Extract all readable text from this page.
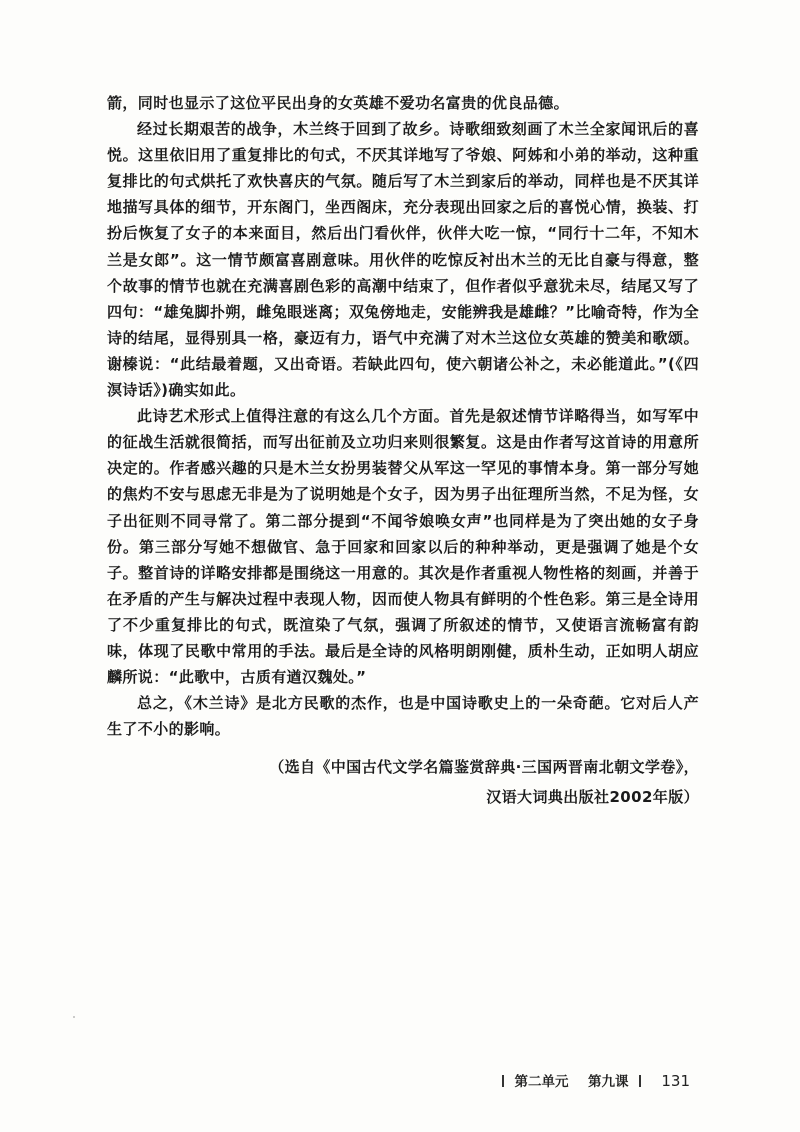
箭，同时也显示了这位平民出身的女英雄不爱功名富贵的优良品德。

经过长期艰苦的战争，木兰终于回到了故乡。诗歌细致刻画了木兰全家闻讯后的喜悦。这里依旧用了重复排比的句式，不厌其详地写了爷娘、阿姊和小弟的举动，这种重复排比的句式烘托了欢快喜庆的气氛。随后写了木兰到家后的举动，同样也是不厌其详地描写具体的细节，开东阁门，坐西阁床，充分表现出回家之后的喜悦心情，换装、打扮后恢复了女子的本来面目，然后出门看伙伴，伙伴大吃一惊，“同行十二年，不知木兰是女郎”。这一情节颇富喜剧意味。用伙伴的吃惊反衬出木兰的无比自豪与得意，整个故事的情节也就在充满喜剧色彩的高潮中结束了，但作者似乎意犹未尽，结尾又写了四句：“雄兔脚扑朔，雌兔眼迷离；双兔傍地走，安能辨我是雄雌？”比喻奇特，作为全诗的结尾，显得别具一格，豪迈有力，语气中充满了对木兰这位女英雄的赞美和歌颂。谢榛说：“此结最着题，又出奇语。若缺此四句，使六朝诸公补之，未必能道此。”(《四溟诗话》)确实如此。

此诗艺术形式上值得注意的有这么几个方面。首先是叙述情节详略得当，如写军中的征战生活就很简括，而写出征前及立功归来则很繁复。这是由作者写这首诗的用意所决定的。作者感兴趣的只是木兰女扮男装替父从军这一罕见的事情本身。第一部分写她的焦灼不安与思虑无非是为了说明她是个女子，因为男子出征理所当然，不足为怪，女子出征则不同寻常了。第二部分提到“不闻爷娘唤女声”也同样是为了突出她的女子身份。第三部分写她不想做官、急于回家和回家以后的种种举动，更是强调了她是个女子。整首诗的详略安排都是围绕这一用意的。其次是作者重视人物性格的刻画，并善于在矛盾的产生与解决过程中表现人物，因而使人物具有鲜明的个性色彩。第三是全诗用了不少重复排比的句式，既渲染了气氛，强调了所叙述的情节，又使语言流畅富有韵味，体现了民歌中常用的手法。最后是全诗的风格明朗刚健，质朴生动，正如明人胡应麟所说：“此歌中，古质有遒汉魏处。”

总之，《木兰诗》是北方民歌的杰作，也是中国诗歌史上的一朵奇葩。它对后人产生了不小的影响。

（选自《中国古代文学名篇鉴赏辞典·三国两晋南北朝文学卷》，
汉语大词典出版社2002年版）
第二单元 第九课 131
